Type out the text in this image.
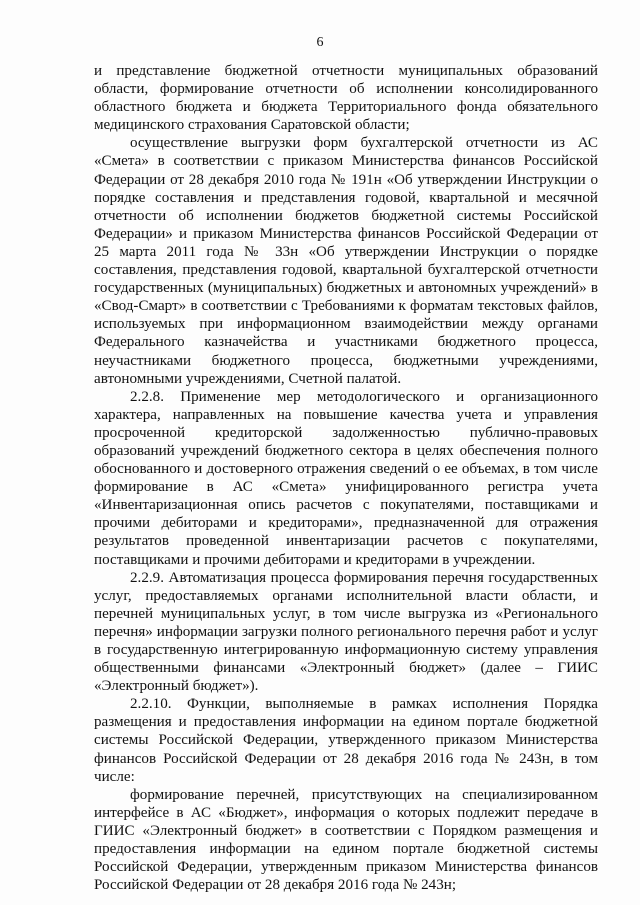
6

и представление бюджетной отчетности муниципальных образований области, формирование отчетности об исполнении консолидированного областного бюджета и бюджета Территориального фонда обязательного медицинского страхования Саратовской области;

осуществление выгрузки форм бухгалтерской отчетности из АС «Смета» в соответствии с приказом Министерства финансов Российской Федерации от 28 декабря 2010 года № 191н «Об утверждении Инструкции о порядке составления и представления годовой, квартальной и месячной отчетности об исполнении бюджетов бюджетной системы Российской Федерации» и приказом Министерства финансов Российской Федерации от 25 марта 2011 года № 33н «Об утверждении Инструкции о порядке составления, представления годовой, квартальной бухгалтерской отчетности государственных (муниципальных) бюджетных и автономных учреждений» в «Свод-Смарт» в соответствии с Требованиями к форматам текстовых файлов, используемых при информационном взаимодействии между органами Федерального казначейства и участниками бюджетного процесса, неучастниками бюджетного процесса, бюджетными учреждениями, автономными учреждениями, Счетной палатой.

2.2.8. Применение мер методологического и организационного характера, направленных на повышение качества учета и управления просроченной кредиторской задолженностью публично-правовых образований учреждений бюджетного сектора в целях обеспечения полного обоснованного и достоверного отражения сведений о ее объемах, в том числе формирование в АС «Смета» унифицированного регистра учета «Инвентаризационная опись расчетов с покупателями, поставщиками и прочими дебиторами и кредиторами», предназначенной для отражения результатов проведенной инвентаризации расчетов с покупателями, поставщиками и прочими дебиторами и кредиторами в учреждении.

2.2.9. Автоматизация процесса формирования перечня государственных услуг, предоставляемых органами исполнительной власти области, и перечней муниципальных услуг, в том числе выгрузка из «Регионального перечня» информации загрузки полного регионального перечня работ и услуг в государственную интегрированную информационную систему управления общественными финансами «Электронный бюджет» (далее – ГИИС «Электронный бюджет»).

2.2.10. Функции, выполняемые в рамках исполнения Порядка размещения и предоставления информации на едином портале бюджетной системы Российской Федерации, утвержденного приказом Министерства финансов Российской Федерации от 28 декабря 2016 года № 243н, в том числе:

формирование перечней, присутствующих на специализированном интерфейсе в АС «Бюджет», информация о которых подлежит передаче в ГИИС «Электронный бюджет» в соответствии с Порядком размещения и предоставления информации на едином портале бюджетной системы Российской Федерации, утвержденным приказом Министерства финансов Российской Федерации от 28 декабря 2016 года № 243н;
